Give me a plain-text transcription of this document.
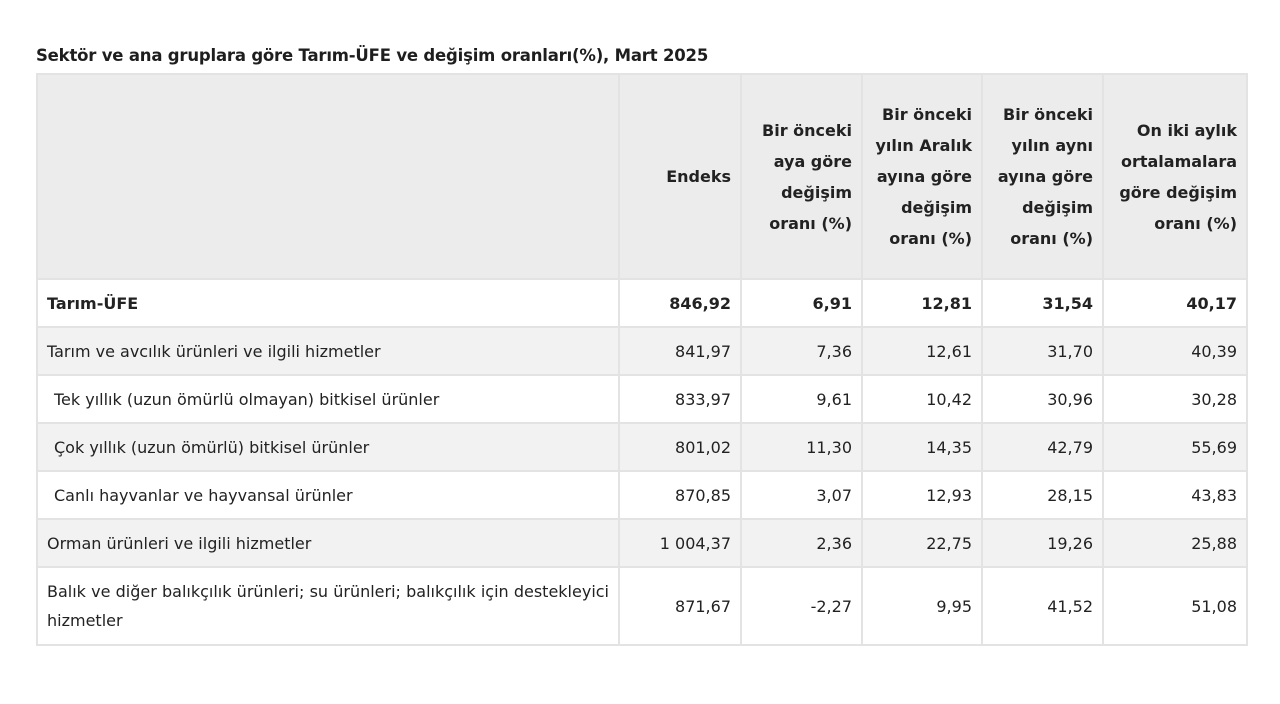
Sektör ve ana gruplara göre Tarım-ÜFE ve değişim oranları(%), Mart 2025
	Endeks	Bir önceki aya göre değişim oranı (%)	Bir önceki yılın Aralık ayına göre değişim oranı (%)	Bir önceki yılın aynı ayına göre değişim oranı (%)	On iki aylık ortalamalara göre değişim oranı (%)
Tarım-ÜFE	846,92	6,91	12,81	31,54	40,17
Tarım ve avcılık ürünleri ve ilgili hizmetler	841,97	7,36	12,61	31,70	40,39
Tek yıllık (uzun ömürlü olmayan) bitkisel ürünler	833,97	9,61	10,42	30,96	30,28
Çok yıllık (uzun ömürlü) bitkisel ürünler	801,02	11,30	14,35	42,79	55,69
Canlı hayvanlar ve hayvansal ürünler	870,85	3,07	12,93	28,15	43,83
Orman ürünleri ve ilgili hizmetler	1 004,37	2,36	22,75	19,26	25,88
Balık ve diğer balıkçılık ürünleri; su ürünleri; balıkçılık için destekleyici hizmetler	871,67	-2,27	9,95	41,52	51,08
